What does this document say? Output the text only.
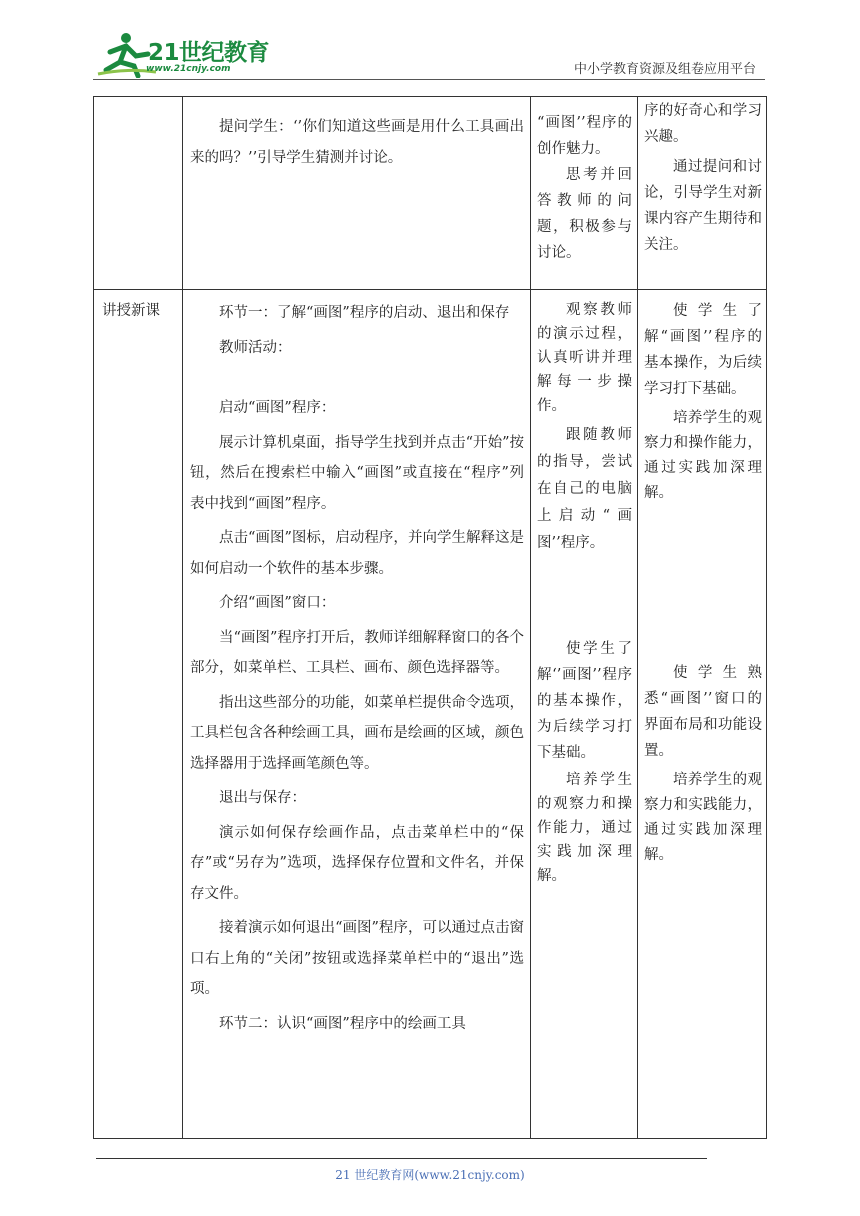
21世纪教育
www.21cnjy.com	中小学教育资源及组卷应用平台

提问学生：‘’你们知道这些画是用什么工具画出来的吗？’’引导学生猜测并讨论。

“画图’’程序的创作魅力。
思考并回答教师的问题，积极参与讨论。
序的好奇心和学习兴趣。
通过提问和讨论，引导学生对新课内容产生期待和关注。
讲授新课	环节一：了解“画图”程序的启动、退出和保存

教师活动：

启动“画图”程序：

展示计算机桌面，指导学生找到并点击“开始”按钮，然后在搜索栏中输入“画图”或直接在“程序”列表中找到“画图”程序。

点击“画图”图标，启动程序，并向学生解释这是如何启动一个软件的基本步骤。

介绍“画图”窗口：

当“画图”程序打开后，教师详细解释窗口的各个部分，如菜单栏、工具栏、画布、颜色选择器等。

指出这些部分的功能，如菜单栏提供命令选项，工具栏包含各种绘画工具，画布是绘画的区域，颜色选择器用于选择画笔颜色等。

退出与保存：

演示如何保存绘画作品，点击菜单栏中的“保存”或“另存为”选项，选择保存位置和文件名，并保存文件。

接着演示如何退出“画图”程序，可以通过点击窗口右上角的“关闭”按钮或选择菜单栏中的“退出”选项。

环节二：认识“画图”程序中的绘画工具

观察教师的演示过程，认真听讲并理解每一步操作。
跟随教师的指导，尝试在自己的电脑上启动“画图’’程序。
使学生了解‘’画图’’程序的基本操作，为后续学习打下基础。
培养学生的观察力和操作能力，通过实践加深理解。
使学生了解“画图’’程序的基本操作，为后续学习打下基础。
培养学生的观察力和操作能力，通过实践加深理解。
使学生熟悉“画图’’窗口的界面布局和功能设置。
培养学生的观察力和实践能力，通过实践加深理解。
21 世纪教育网(www.21cnjy.com)
